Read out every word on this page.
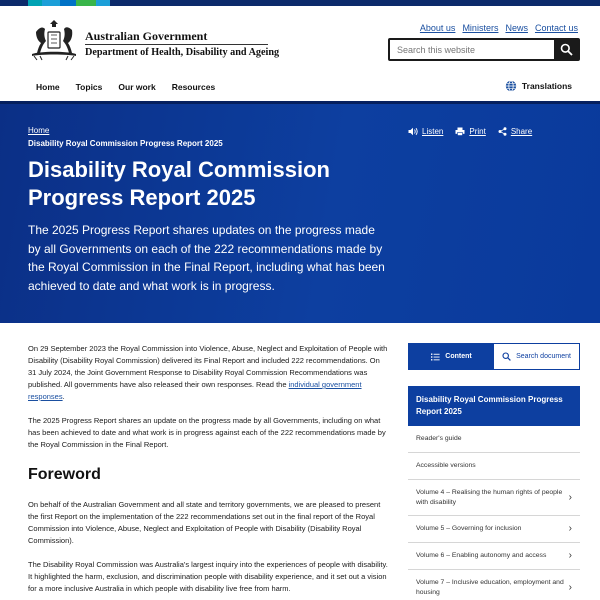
Australian Government
Department of Health, Disability and Ageing
About us Ministers News Contact us
Search this website
Home Topics Our work Resources	Translations
Home
Disability Royal Commission Progress Report 2025
Disability Royal Commission Progress Report 2025

The 2025 Progress Report shares updates on the progress made by all Governments on each of the 222 recommendations made by the Royal Commission in the Final Report, including what has been achieved to date and what work is in progress.

Listen	Print	Share

On 29 September 2023 the Royal Commission into Violence, Abuse, Neglect and Exploitation of People with Disability (Disability Royal Commission) delivered its Final Report and included 222 recommendations. On 31 July 2024, the Joint Government Response to Disability Royal Commission Recommendations was published. All governments have also released their own responses. Read the individual government responses.

The 2025 Progress Report shares an update on the progress made by all Governments, including on what has been achieved to date and what work is in progress against each of the 222 recommendations made by the Royal Commission in the Final Report.

Foreword

On behalf of the Australian Government and all state and territory governments, we are pleased to present the first Report on the implementation of the 222 recommendations set out in the final report of the Royal Commission into Violence, Abuse, Neglect and Exploitation of People with Disability (Disability Royal Commission).

The Disability Royal Commission was Australia's largest inquiry into the experiences of people with disability. It highlighted the harm, exclusion, and discrimination people with disability experience, and it set out a vision for a more inclusive Australia in which people with disability live free from harm.

Content	Search document
Disability Royal Commission Progress Report 2025
Reader's guide
Accessible versions
Volume 4 – Realising the human rights of people with disability	›
Volume 5 – Governing for inclusion	›
Volume 6 – Enabling autonomy and access ›
Volume 7 – Inclusive education, employment and housing	›
